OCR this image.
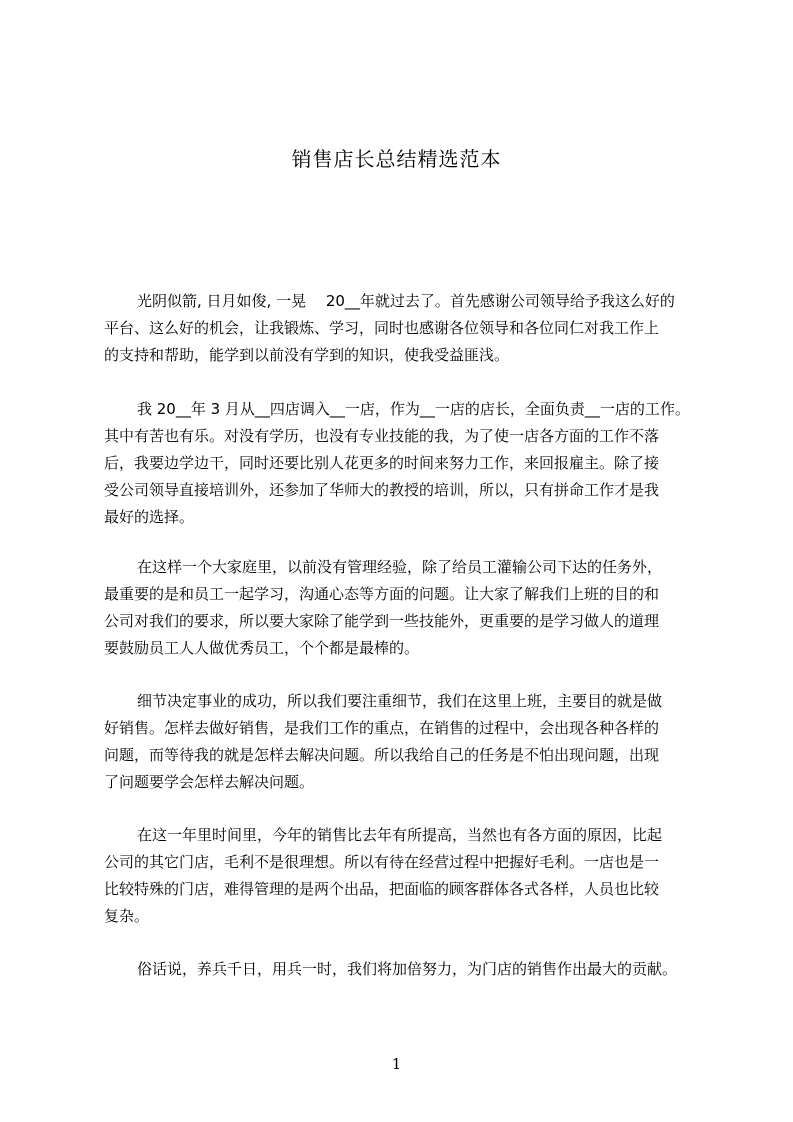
销售店长总结精选范本

光阴似箭, 日月如俊, 一晃　 20__年就过去了。首先感谢公司领导给予我这么好的

平台、这么好的机会，让我锻炼、学习，同时也感谢各位领导和各位同仁对我工作上

的支持和帮助，能学到以前没有学到的知识，使我受益匪浅。

我 20__年 3 月从__四店调入__一店，作为__一店的店长，全面负责__一店的工作。

其中有苦也有乐。对没有学历，也没有专业技能的我，为了使一店各方面的工作不落

后，我要边学边干，同时还要比别人花更多的时间来努力工作，来回报雇主。除了接

受公司领导直接培训外，还参加了华师大的教授的培训，所以，只有拼命工作才是我

最好的选择。

在这样一个大家庭里，以前没有管理经验，除了给员工灌输公司下达的任务外，

最重要的是和员工一起学习，沟通心态等方面的问题。让大家了解我们上班的目的和

公司对我们的要求，所以要大家除了能学到一些技能外，更重要的是学习做人的道理

要鼓励员工人人做优秀员工，个个都是最棒的。

细节决定事业的成功，所以我们要注重细节，我们在这里上班，主要目的就是做

好销售。怎样去做好销售，是我们工作的重点，在销售的过程中，会出现各种各样的

问题，而等待我的就是怎样去解决问题。所以我给自己的任务是不怕出现问题，出现

了问题要学会怎样去解决问题。

在这一年里时间里，今年的销售比去年有所提高，当然也有各方面的原因，比起

公司的其它门店，毛利不是很理想。所以有待在经营过程中把握好毛利。一店也是一

比较特殊的门店，难得管理的是两个出品，把面临的顾客群体各式各样，人员也比较

复杂。

俗话说，养兵千日，用兵一时，我们将加倍努力，为门店的销售作出最大的贡献。

1
